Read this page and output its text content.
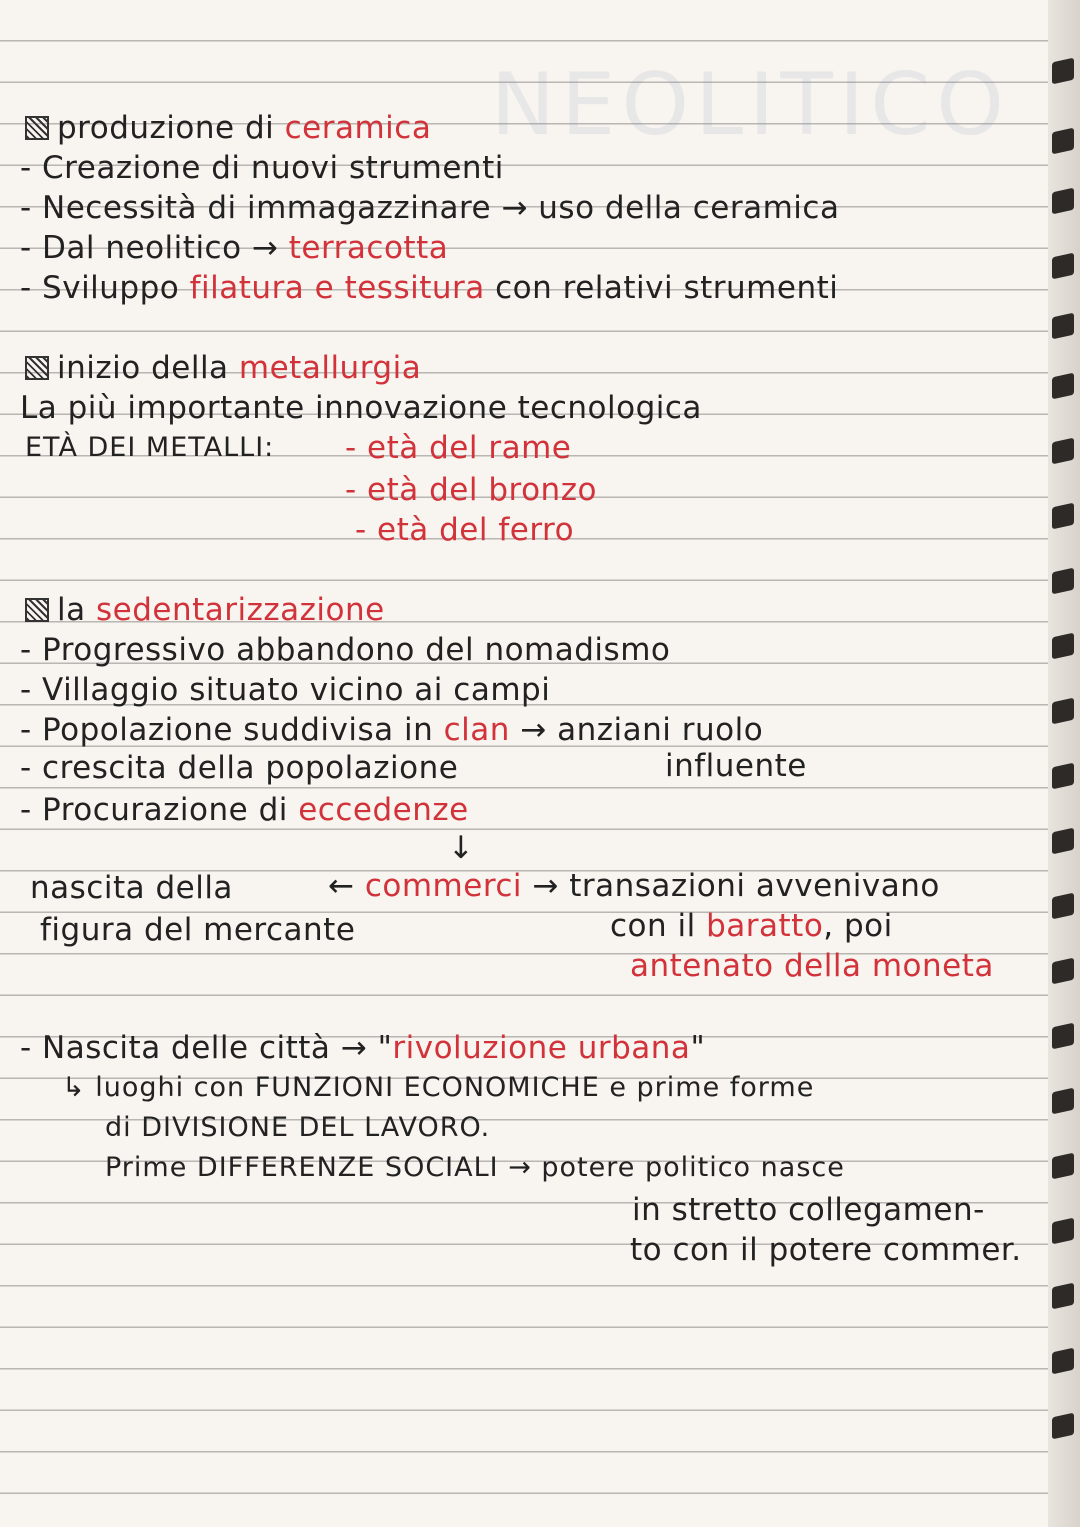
NEOLITICO
produzione di ceramica
- Creazione di nuovi strumenti
- Necessità di immagazzinare → uso della ceramica
- Dal neolitico → terracotta
- Sviluppo filatura e tessitura con relativi strumenti
inizio della metallurgia
La più importante innovazione tecnologica
ETÀ DEI METALLI: - età del rame
- età del bronzo
- età del ferro
la sedentarizzazione
- Progressivo abbandono del nomadismo
- Villaggio situato vicino ai campi
- Popolazione suddivisa in clan → anziani ruolo
- crescita della popolazione	influente
- Procurazione di eccedenze
↓
nascita della
figura del mercante
← commerci → transazioni avvenivano
con il baratto, poi
antenato della moneta
- Nascita delle città → "rivoluzione urbana"
↳ luoghi con FUNZIONI ECONOMICHE e prime forme
di DIVISIONE DEL LAVORO.
Prime DIFFERENZE SOCIALI → potere politico nasce
in stretto collegamen-
to con il potere commer.
